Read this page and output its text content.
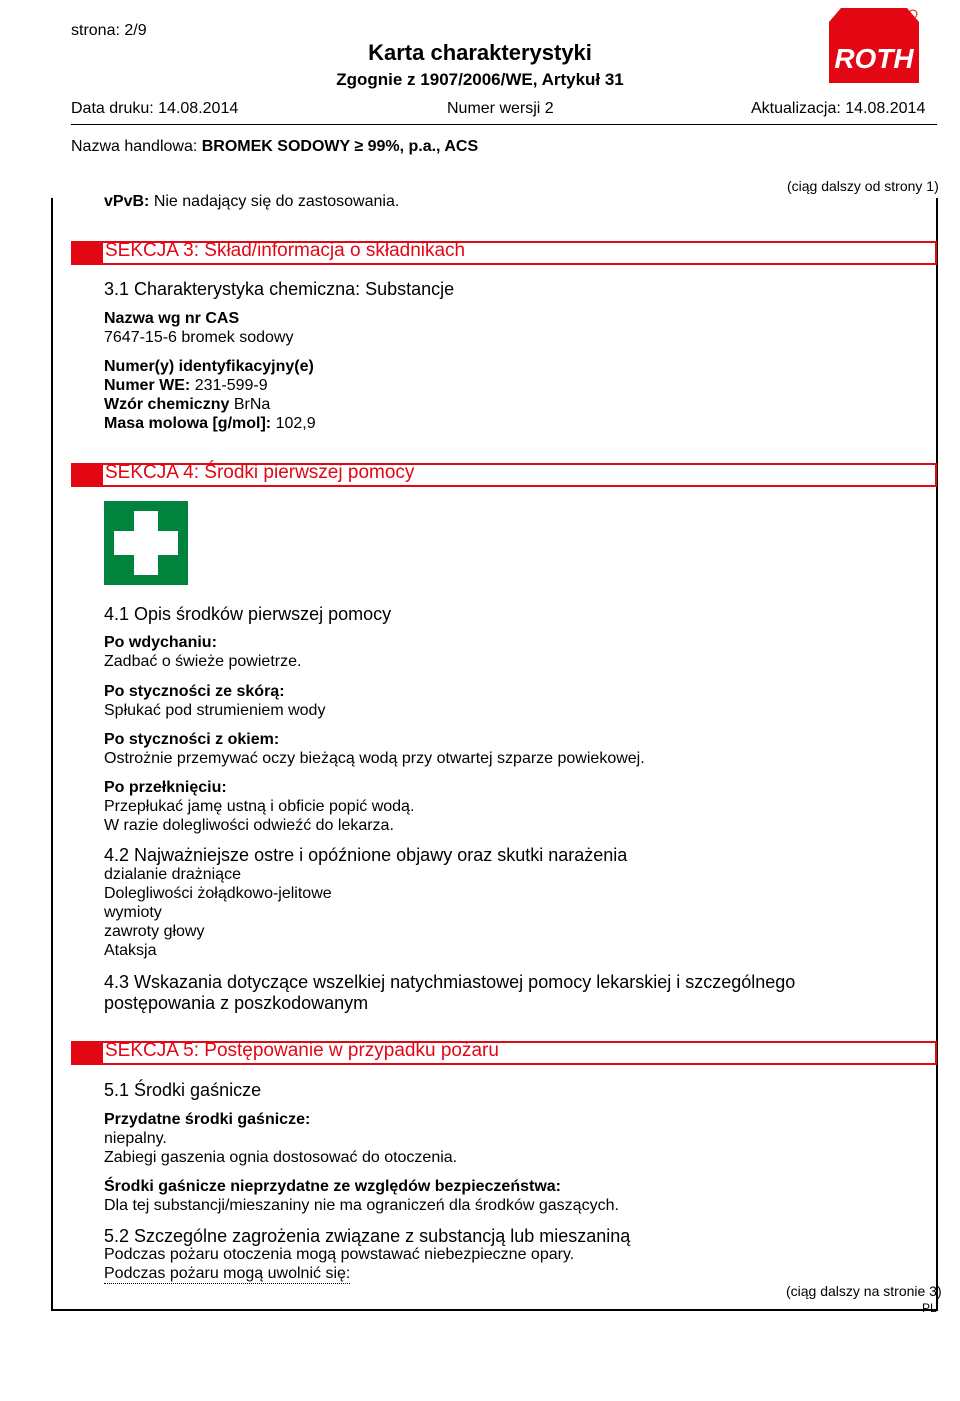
strona: 2/9
Karta charakterystyki
Zgognie z 1907/2006/WE, Artykuł 31
ROTH
Data druku: 14.08.2014	Numer wersji 2	Aktualizacja: 14.08.2014
Nazwa handlowa: BROMEK SODOWY ≥ 99%, p.a., ACS
(ciąg dalszy od strony 1)
vPvB: Nie nadający się do zastosowania.
SEKCJA 3: Skład/informacja o składnikach
3.1 Charakterystyka chemiczna: Substancje
Nazwa wg nr CAS
7647-15-6 bromek sodowy
Numer(y) identyfikacyjny(e)
Numer WE: 231-599-9
Wzór chemiczny BrNa
Masa molowa [g/mol]: 102,9
SEKCJA 4: Środki pierwszej pomocy
4.1 Opis środków pierwszej pomocy
Po wdychaniu:
Zadbać o świeże powietrze.
Po styczności ze skórą:
Spłukać pod strumieniem wody
Po styczności z okiem:
Ostrożnie przemywać oczy bieżącą wodą przy otwartej szparze powiekowej.
Po przełknięciu:
Przepłukać jamę ustną i obficie popić wodą.
W razie dolegliwości odwieźć do lekarza.
4.2 Najważniejsze ostre i opóźnione objawy oraz skutki narażenia
dzialanie drażniące
Dolegliwości żołądkowo-jelitowe
wymioty
zawroty głowy
Ataksja
4.3 Wskazania dotyczące wszelkiej natychmiastowej pomocy lekarskiej i szczególnego
postępowania z poszkodowanym
SEKCJA 5: Postępowanie w przypadku pożaru
5.1 Środki gaśnicze
Przydatne środki gaśnicze:
niepalny.
Zabiegi gaszenia ognia dostosować do otoczenia.
Środki gaśnicze nieprzydatne ze względów bezpieczeństwa:
Dla tej substancji/mieszaniny nie ma ograniczeń dla środków gaszących.
5.2 Szczególne zagrożenia związane z substancją lub mieszaniną
Podczas pożaru otoczenia mogą powstawać niebezpieczne opary.
Podczas pożaru mogą uwolnić się:
(ciąg dalszy na stronie 3)
PL
